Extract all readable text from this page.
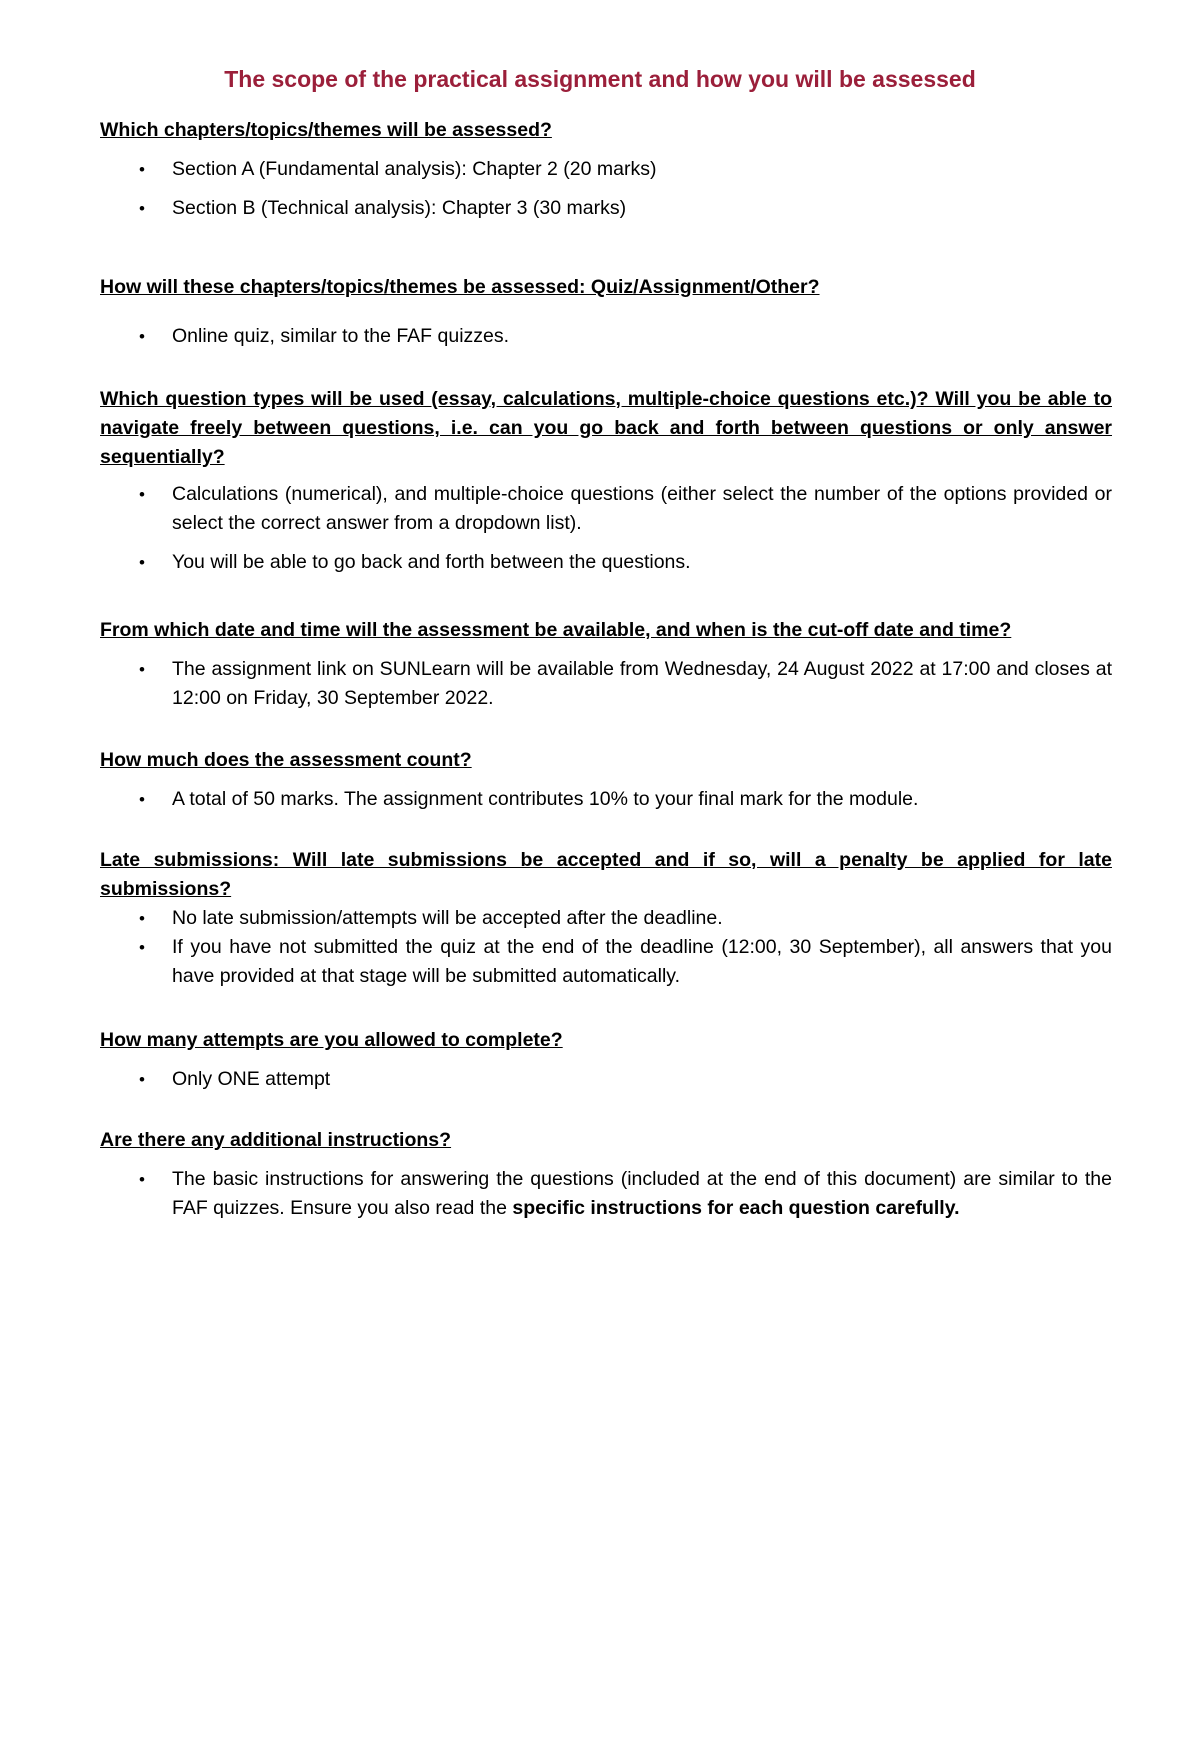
The scope of the practical assignment and how you will be assessed

Which chapters/topics/themes will be assessed?

• Section A (Fundamental analysis): Chapter 2 (20 marks)
• Section B (Technical analysis): Chapter 3 (30 marks)

How will these chapters/topics/themes be assessed: Quiz/Assignment/Other?

• Online quiz, similar to the FAF quizzes.

Which question types will be used (essay, calculations, multiple-choice questions etc.)? Will you be able to navigate freely between questions, i.e. can you go back and forth between questions or only answer sequentially?

• Calculations (numerical), and multiple-choice questions (either select the number of the options provided or select the correct answer from a dropdown list).
• You will be able to go back and forth between the questions.

From which date and time will the assessment be available, and when is the cut-off date and time?

• The assignment link on SUNLearn will be available from Wednesday, 24 August 2022 at 17:00 and closes at 12:00 on Friday, 30 September 2022.

How much does the assessment count?

• A total of 50 marks. The assignment contributes 10% to your final mark for the module.

Late submissions: Will late submissions be accepted and if so, will a penalty be applied for late submissions?

• No late submission/attempts will be accepted after the deadline.
• If you have not submitted the quiz at the end of the deadline (12:00, 30 September), all answers that you have provided at that stage will be submitted automatically.

How many attempts are you allowed to complete?

• Only ONE attempt

Are there any additional instructions?

• The basic instructions for answering the questions (included at the end of this document) are similar to the FAF quizzes. Ensure you also read the specific instructions for each question carefully.
